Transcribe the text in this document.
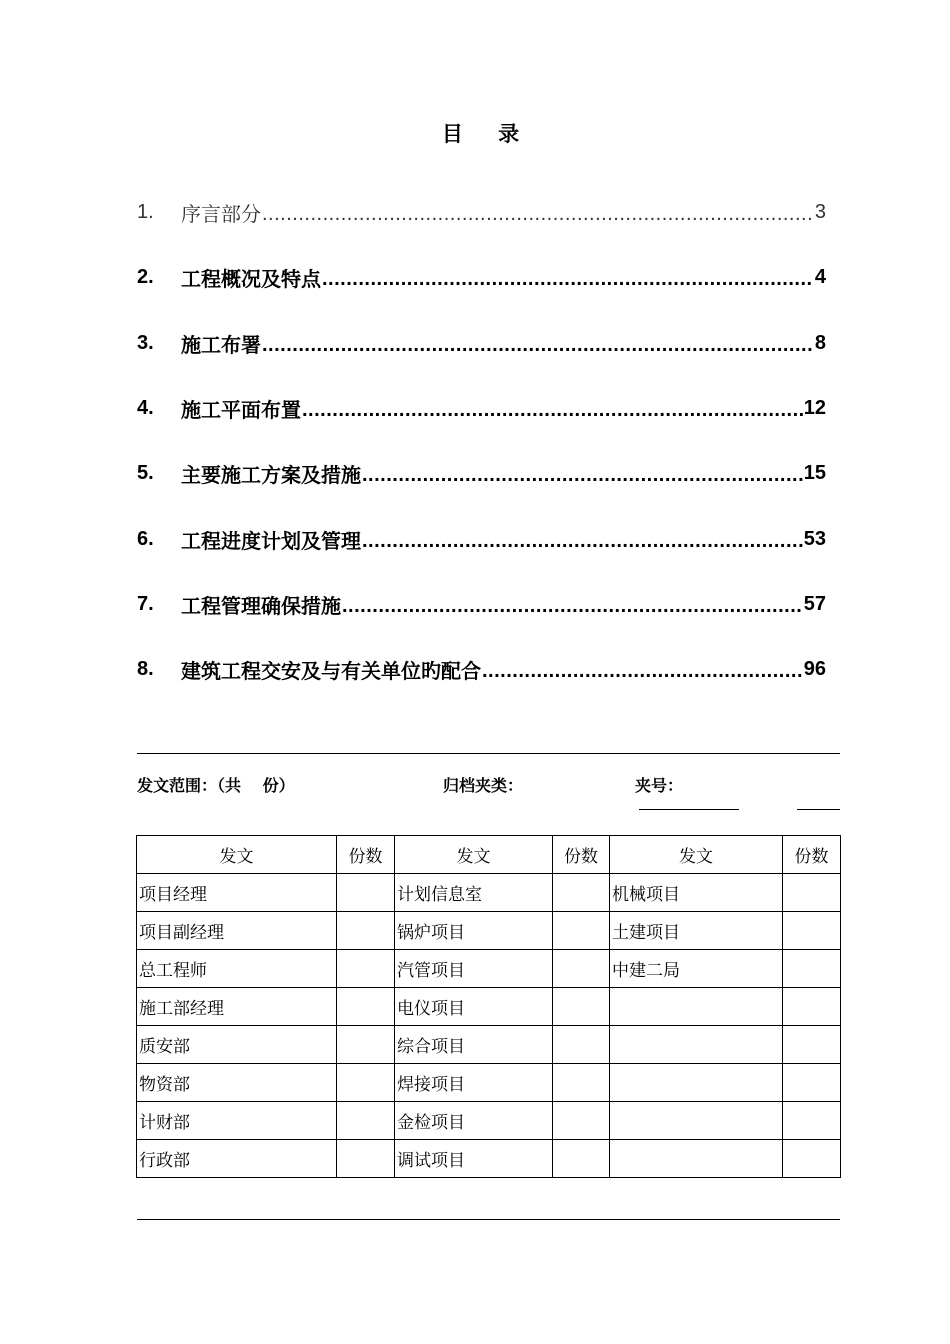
目 录
1.	序言部分 .....	3
2.	工程概况及特点 .....	4
3.	施工布署 .....	8
4.	施工平面布置 .....	12
5.	主要施工方案及措施 .....	15
6.	工程进度计划及管理 .....	53
7.	工程管理确保措施 .....	57
8.	建筑工程交安及与有关单位旳配合 .....	96
发文范围：（共　 份）	归档夹类：	夹号：
发文	份数	发文	份数	发文	份数
项目经理		计划信息室		机械项目	
项目副经理		锅炉项目		土建项目	
总工程师		汽管项目		中建二局	
施工部经理		电仪项目			
质安部		综合项目			
物资部		焊接项目			
计财部		金检项目			
行政部		调试项目			
